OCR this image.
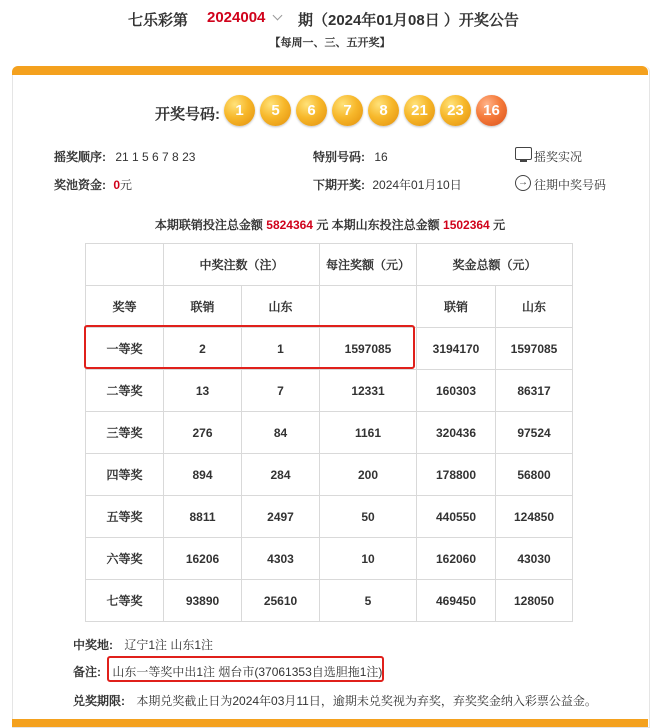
七乐彩第 2024004 期（2024年01月08日 ）开奖公告
【每周一、三、五开奖】
开奖号码:	1	5	6	7	8	21	23	16
摇奖顺序: 21 1 5 6 7 8 23	特别号码: 16	摇奖实况
奖池资金: 0元	下期开奖: 2024年01月10日	→ 往期中奖号码
本期联销投注总金额 5824364 元 本期山东投注总金额 1502364 元
	中奖注数（注）		每注奖额（元）	奖金总额（元）	
奖等	联销	山东		联销	山东
一等奖	2	1	1597085	3194170	1597085
二等奖	13	7	12331	160303	86317
三等奖	276	84	1161	320436	97524
四等奖	894	284	200	178800	56800
五等奖	8811	2497	50	440550	124850
六等奖	16206	4303	10	162060	43030
七等奖	93890	25610	5	469450	128050
中奖地: 辽宁1注 山东1注
备注: 山东一等奖中出1注 烟台市(37061353自选胆拖1注)
兑奖期限: 本期兑奖截止日为2024年03月11日，逾期未兑奖视为弃奖，弃奖奖金纳入彩票公益金。
